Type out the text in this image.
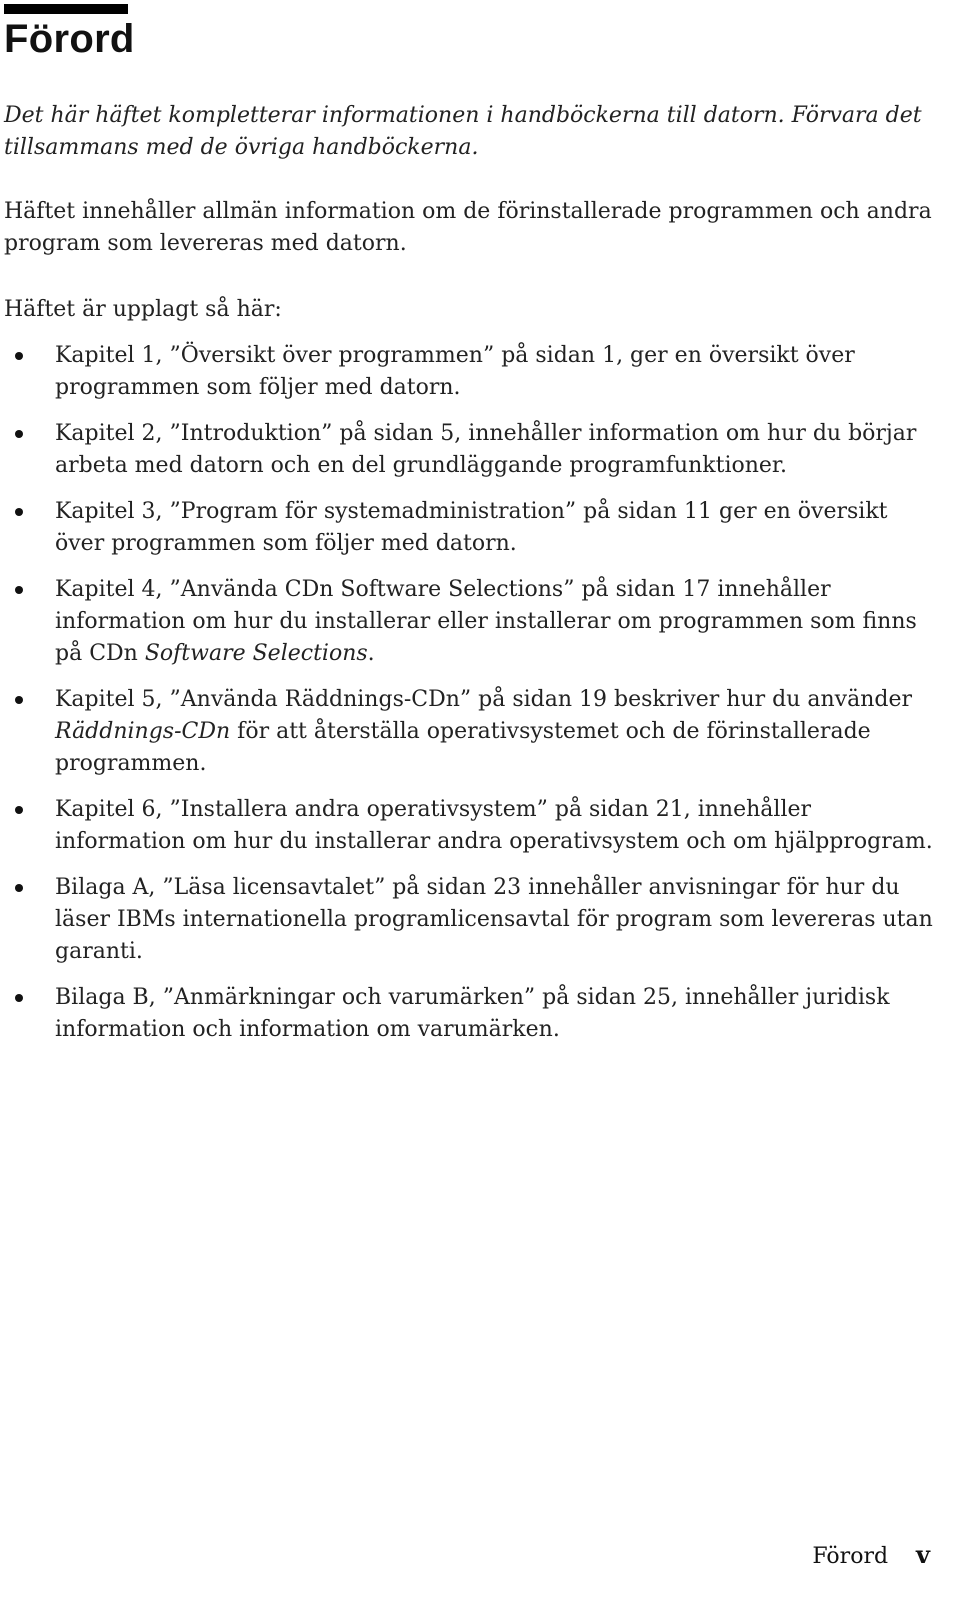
Förord

Det här häftet kompletterar informationen i handböckerna till datorn. Förvara det tillsammans med de övriga handböckerna.

Häftet innehåller allmän information om de förinstallerade programmen och andra program som levereras med datorn.

Häftet är upplagt så här:

Kapitel 1, ”Översikt över programmen” på sidan 1, ger en översikt över programmen som följer med datorn.
Kapitel 2, ”Introduktion” på sidan 5, innehåller information om hur du börjar arbeta med datorn och en del grundläggande programfunktioner.
Kapitel 3, ”Program för systemadministration” på sidan 11 ger en översikt över programmen som följer med datorn.
Kapitel 4, ”Använda CDn Software Selections” på sidan 17 innehåller information om hur du installerar eller installerar om programmen som finns på CDn Software Selections.
Kapitel 5, ”Använda Räddnings-CDn” på sidan 19 beskriver hur du använder Räddnings-CDn för att återställa operativsystemet och de förinstallerade programmen.
Kapitel 6, ”Installera andra operativsystem” på sidan 21, innehåller information om hur du installerar andra operativsystem och om hjälpprogram.
Bilaga A, ”Läsa licensavtalet” på sidan 23 innehåller anvisningar för hur du läser IBMs internationella programlicensavtal för program som levereras utan garanti.
Bilaga B, ”Anmärkningar och varumärken” på sidan 25, innehåller juridisk information och information om varumärken.
Förord v
